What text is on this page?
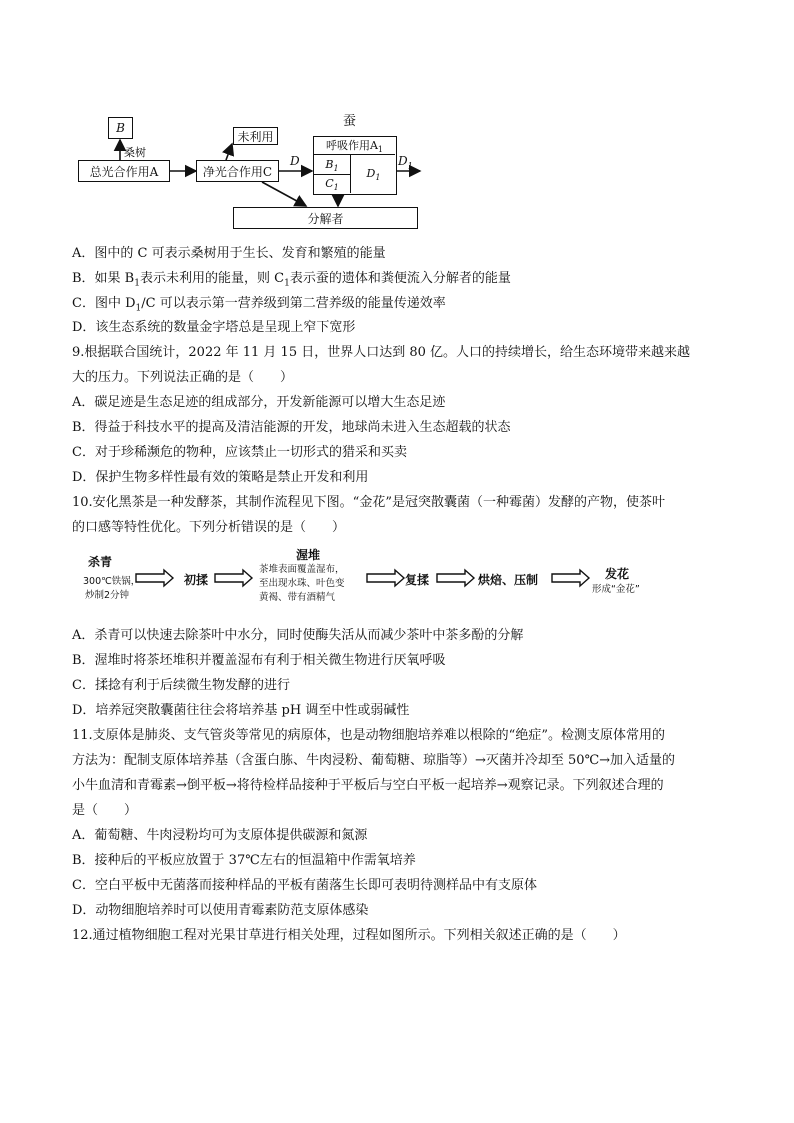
蚕
B
桑树
总光合作用A	净光合作用C
未利用
D
呼吸作用$A_1$
$B_1$
$C_1$
$D_1$
$D_1$
分解者
A．图中的 C 可表示桑树用于生长、发育和繁殖的能量
B．如果 $B_1$表示未利用的能量，则 $C_1$表示蚕的遗体和粪便流入分解者的能量
C．图中 $D_1/C$ 可以表示第一营养级到第二营养级的能量传递效率
D．该生态系统的数量金字塔总是呈现上窄下宽形
9.根据联合国统计，2022 年 11 月 15 日，世界人口达到 80 亿。人口的持续增长，给生态环境带来越来越
大的压力。下列说法正确的是（　　）
A．碳足迹是生态足迹的组成部分，开发新能源可以增大生态足迹
B．得益于科技水平的提高及清洁能源的开发，地球尚未进入生态超载的状态
C．对于珍稀濒危的物种，应该禁止一切形式的猎采和买卖
D．保护生物多样性最有效的策略是禁止开发和利用
10.安化黑茶是一种发酵茶，其制作流程见下图。“金花”是冠突散囊菌（一种霉菌）发酵的产物，使茶叶
的口感等特性优化。下列分析错误的是（　　）
杀青
300℃铁锅，
炒制2分钟
初揉
渥堆
茶堆表面覆盖湿布，
至出现水珠、叶色变
黄褐、带有酒精气
复揉	烘焙、压制	发花
形成“金花”
A．杀青可以快速去除茶叶中水分，同时使酶失活从而减少茶叶中茶多酚的分解
B．渥堆时将茶坯堆积并覆盖湿布有利于相关微生物进行厌氧呼吸
C．揉捻有利于后续微生物发酵的进行
D．培养冠突散囊菌往往会将培养基 pH 调至中性或弱碱性
11.支原体是肺炎、支气管炎等常见的病原体，也是动物细胞培养难以根除的“绝症”。检测支原体常用的
方法为：配制支原体培养基（含蛋白胨、牛肉浸粉、葡萄糖、琼脂等）→灭菌并冷却至 50℃→加入适量的
小牛血清和青霉素→倒平板→将待检样品接种于平板后与空白平板一起培养→观察记录。下列叙述合理的
是（　　）
A．葡萄糖、牛肉浸粉均可为支原体提供碳源和氮源
B．接种后的平板应放置于 37℃左右的恒温箱中作需氧培养
C．空白平板中无菌落而接种样品的平板有菌落生长即可表明待测样品中有支原体
D．动物细胞培养时可以使用青霉素防范支原体感染
12.通过植物细胞工程对光果甘草进行相关处理，过程如图所示。下列相关叙述正确的是（　　）
